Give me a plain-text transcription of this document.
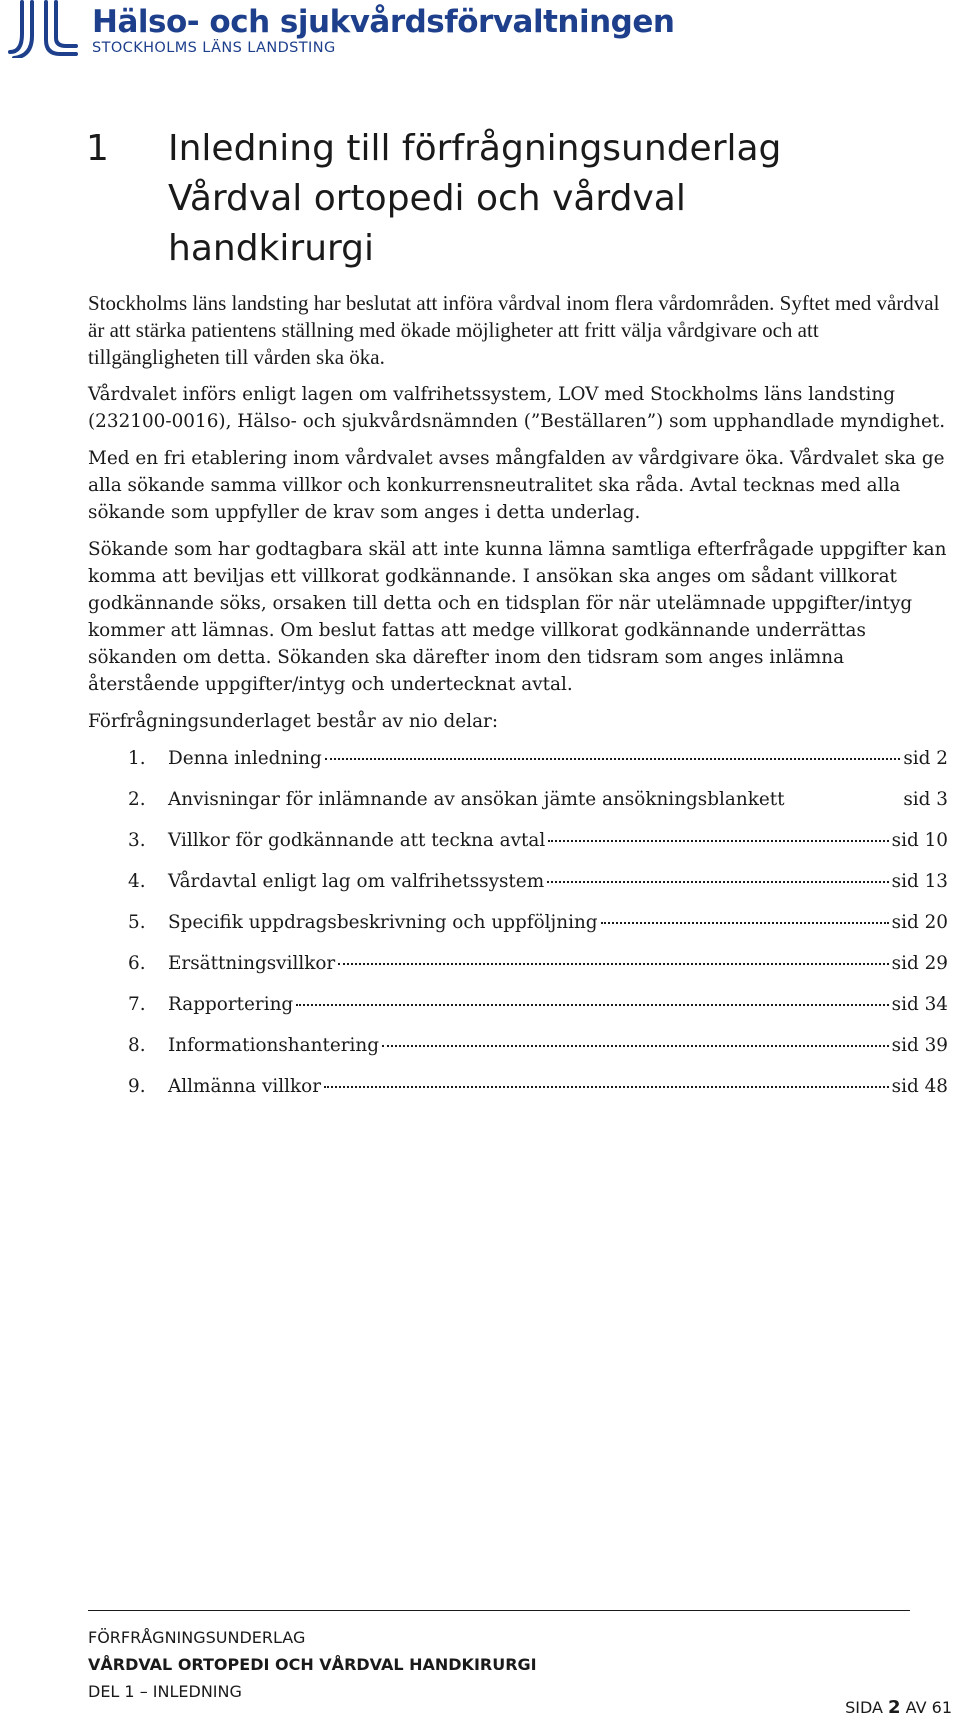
Hälso- och sjukvårdsförvaltningen
STOCKHOLMS LÄNS LANDSTING
1	Inledning till förfrågningsunderlag
Vårdval ortopedi och vårdval
handkirurgi

Stockholms läns landsting har beslutat att införa vårdval inom flera vårdområden. Syftet med vårdval är att stärka patientens ställning med ökade möjligheter att fritt välja vårdgivare och att tillgängligheten till vården ska öka.

Vårdvalet införs enligt lagen om valfrihetssystem, LOV med Stockholms läns landsting (232100-0016), Hälso- och sjukvårdsnämnden (”Beställaren”) som upphandlade myndighet.

Med en fri etablering inom vårdvalet avses mångfalden av vårdgivare öka. Vårdvalet ska ge alla sökande samma villkor och konkurrensneutralitet ska råda. Avtal tecknas med alla sökande som uppfyller de krav som anges i detta underlag.

Sökande som har godtagbara skäl att inte kunna lämna samtliga efterfrågade uppgifter kan komma att beviljas ett villkorat godkännande. I ansökan ska anges om sådant villkorat godkännande söks, orsaken till detta och en tidsplan för när utelämnade uppgifter/intyg kommer att lämnas. Om beslut fattas att medge villkorat godkännande underrättas sökanden om detta. Sökanden ska därefter inom den tidsram som anges inlämna återstående uppgifter/intyg och undertecknat avtal.

Förfrågningsunderlaget består av nio delar:

1.	Denna inledning	sid 2
2.	Anvisningar för inlämnande av ansökan jämte ansökningsblankett	sid 3
3.	Villkor för godkännande att teckna avtal	sid 10
4.	Vårdavtal enligt lag om valfrihetssystem	sid 13
5.	Specifik uppdragsbeskrivning och uppföljning	sid 20
6.	Ersättningsvillkor	sid 29
7.	Rapportering	sid 34
8.	Informationshantering	sid 39
9.	Allmänna villkor	sid 48
FÖRFRÅGNINGSUNDERLAG
VÅRDVAL ORTOPEDI OCH VÅRDVAL HANDKIRURGI
DEL 1 – INLEDNING
SIDA 2 AV 61
